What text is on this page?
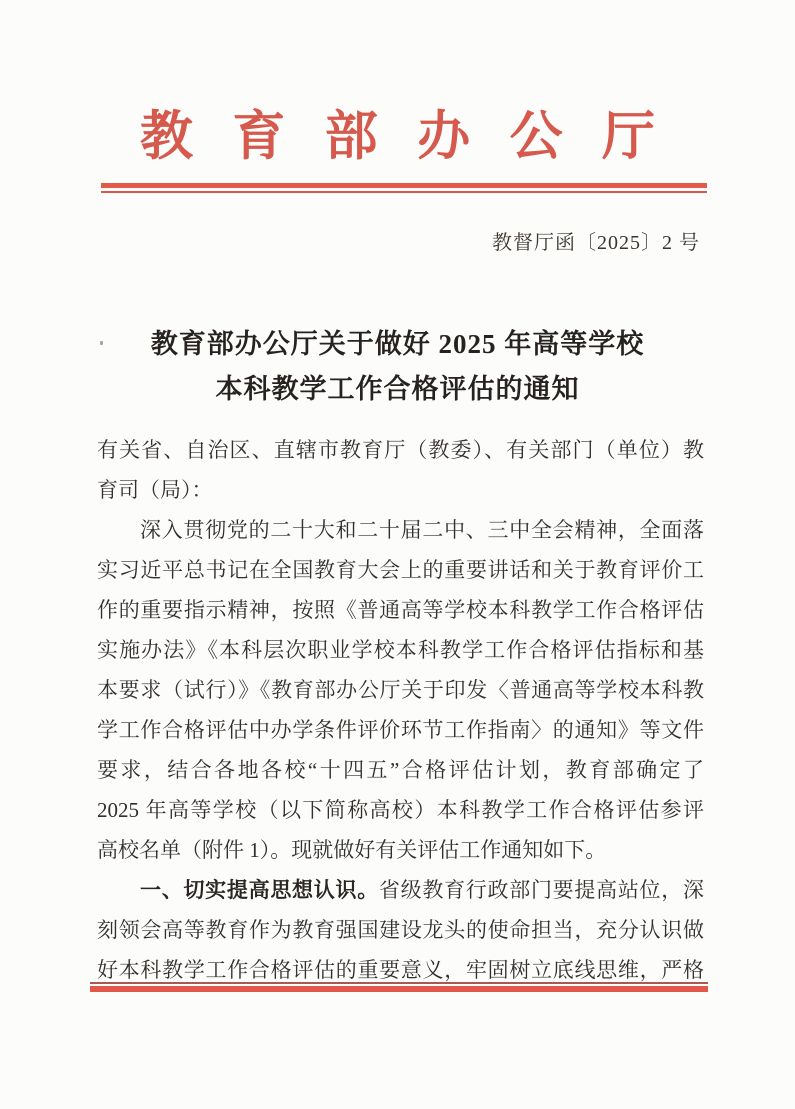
教育部办公厅
教督厅函〔2025〕2 号
教育部办公厅关于做好 2025 年高等学校
本科教学工作合格评估的通知
有关省、自治区、直辖市教育厅（教委）、有关部门（单位）教
育司（局）：
深入贯彻党的二十大和二十届二中、三中全会精神，全面落
实习近平总书记在全国教育大会上的重要讲话和关于教育评价工
作的重要指示精神，按照《普通高等学校本科教学工作合格评估
实施办法》《本科层次职业学校本科教学工作合格评估指标和基
本要求（试行）》《教育部办公厅关于印发〈普通高等学校本科教
学工作合格评估中办学条件评价环节工作指南〉的通知》等文件
要求，结合各地各校“十四五”合格评估计划，教育部确定了
2025 年高等学校（以下简称高校）本科教学工作合格评估参评
高校名单（附件 1）。现就做好有关评估工作通知如下。
一、切实提高思想认识。省级教育行政部门要提高站位，深
刻领会高等教育作为教育强国建设龙头的使命担当，充分认识做
好本科教学工作合格评估的重要意义，牢固树立底线思维，严格
